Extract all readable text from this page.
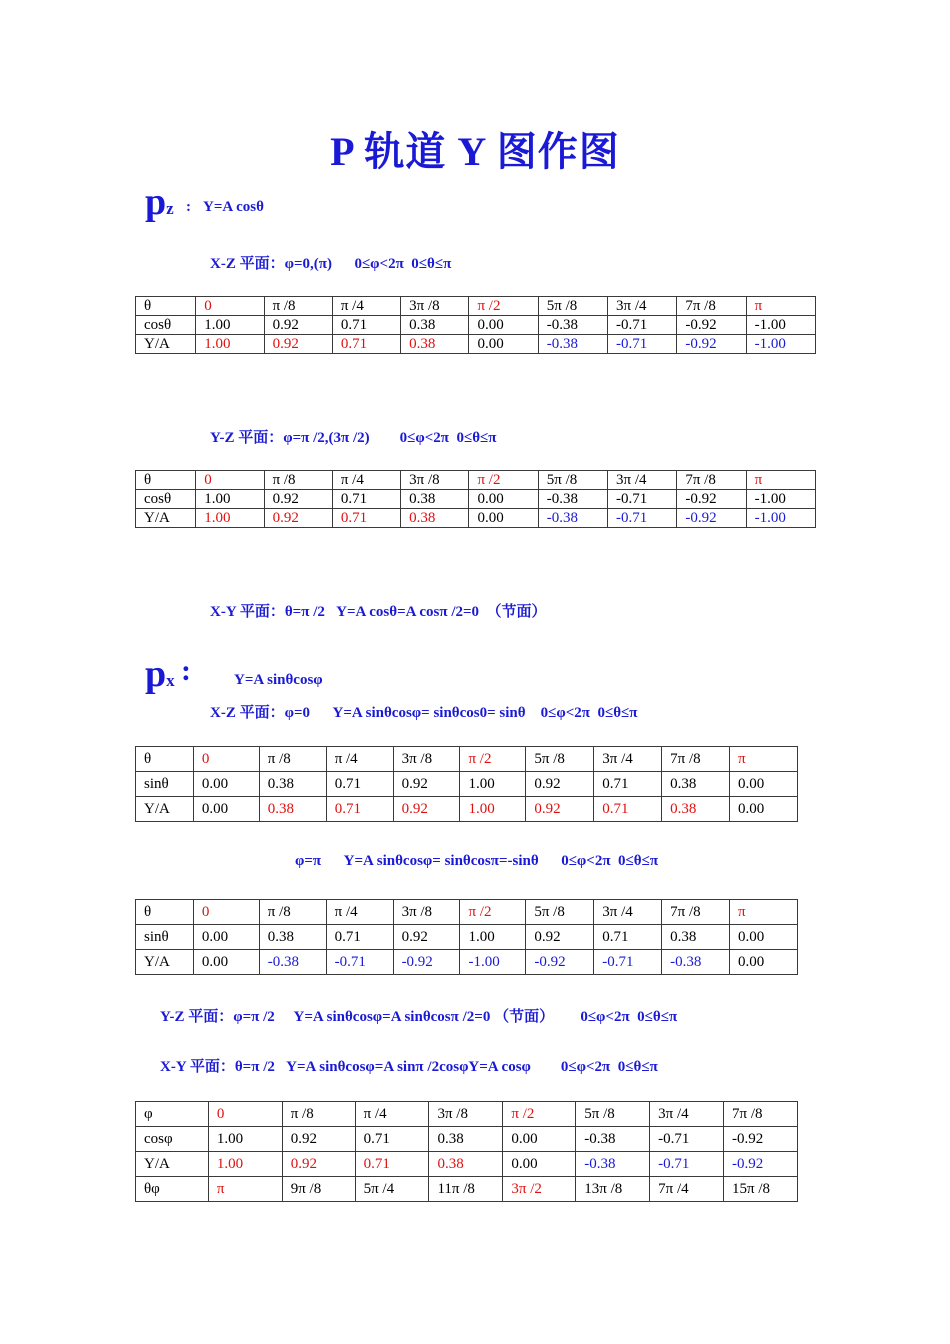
P 轨道 Y 图作图
pz : Y=A cosθ
X-Z 平面：φ=0,(π)      0≤φ<2π  0≤θ≤π
θ	0	π /8	π /4	3π /8	π /2	5π /8	3π /4	7π /8	π
cosθ	1.00	0.92	0.71	0.38	0.00	-0.38	-0.71	-0.92	-1.00
Y/A	1.00	0.92	0.71	0.38	0.00	-0.38	-0.71	-0.92	-1.00
Y-Z 平面：φ=π /2,(3π /2)        0≤φ<2π  0≤θ≤π
θ	0	π /8	π /4	3π /8	π /2	5π /8	3π /4	7π /8	π
cosθ	1.00	0.92	0.71	0.38	0.00	-0.38	-0.71	-0.92	-1.00
Y/A	1.00	0.92	0.71	0.38	0.00	-0.38	-0.71	-0.92	-1.00
X-Y 平面：θ=π /2   Y=A cosθ=A cosπ /2=0  （节面）
px :	Y=A sinθcosφ
X-Z 平面：φ=0      Y=A sinθcosφ= sinθcos0= sinθ    0≤φ<2π  0≤θ≤π
θ	0	π /8	π /4	3π /8	π /2	5π /8	3π /4	7π /8	π
sinθ	0.00	0.38	0.71	0.92	1.00	0.92	0.71	0.38	0.00
Y/A	0.00	0.38	0.71	0.92	1.00	0.92	0.71	0.38	0.00
φ=π      Y=A sinθcosφ= sinθcosπ=-sinθ      0≤φ<2π  0≤θ≤π
θ	0	π /8	π /4	3π /8	π /2	5π /8	3π /4	7π /8	π
sinθ	0.00	0.38	0.71	0.92	1.00	0.92	0.71	0.38	0.00
Y/A	0.00	-0.38	-0.71	-0.92	-1.00	-0.92	-0.71	-0.38	0.00
Y-Z 平面：φ=π /2     Y=A sinθcosφ=A sinθcosπ /2=0 （节面）       0≤φ<2π  0≤θ≤π
X-Y 平面：θ=π /2   Y=A sinθcosφ=A sinπ /2cosφY=A cosφ        0≤φ<2π  0≤θ≤π
φ	0	π /8	π /4	3π /8	π /2	5π /8	3π /4	7π /8
cosφ	1.00	0.92	0.71	0.38	0.00	-0.38	-0.71	-0.92
Y/A	1.00	0.92	0.71	0.38	0.00	-0.38	-0.71	-0.92
θφ	π	9π /8	5π /4	11π /8	3π /2	13π /8	7π /4	15π /8
